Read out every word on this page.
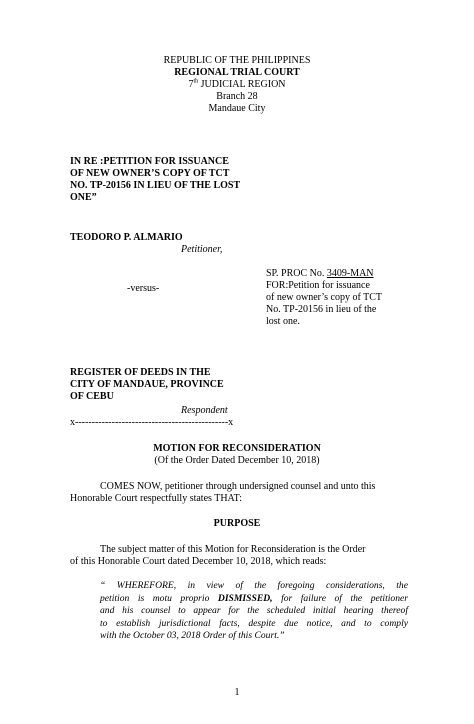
REPUBLIC OF THE PHILIPPINES
REGIONAL TRIAL COURT
7th JUDICIAL REGION
Branch 28
Mandaue City
IN RE :PETITION FOR ISSUANCE
OF NEW OWNER’S COPY OF TCT
NO. TP-20156 IN LIEU OF THE LOST
ONE”
TEODORO P. ALMARIO
Petitioner,
-versus-
SP. PROC No. 3409-MAN
FOR:Petition for issuance
of new owner’s copy of TCT
No. TP-20156 in lieu of the
lost one.
REGISTER OF DEEDS IN THE
CITY OF MANDAUE, PROVINCE
OF CEBU
Respondent
x----------------------------------------------x
MOTION FOR RECONSIDERATION
(Of the Order Dated December 10, 2018)
COMES NOW, petitioner through undersigned counsel and unto this
Honorable Court respectfully states THAT:
PURPOSE
The subject matter of this Motion for Reconsideration is the Order
of this Honorable Court dated December 10, 2018, which reads:
“ WHEREFORE, in view of the foregoing considerations, the
petition is motu proprio DISMISSED, for failure of the petitioner
and his counsel to appear for the scheduled initial hearing thereof
to establish jurisdictional facts, despite due notice, and to comply
with the October 03, 2018 Order of this Court.”
1
